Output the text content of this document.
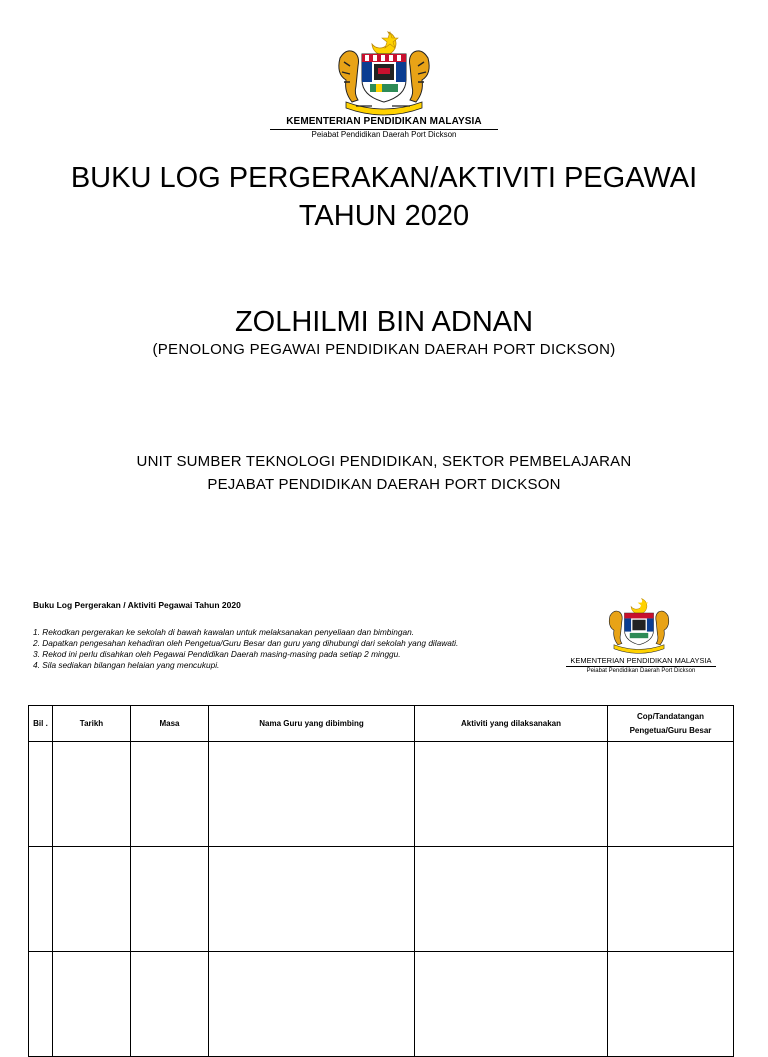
KEMENTERIAN PENDIDIKAN MALAYSIA
Peiabat Pendidikan Daerah Port Dickson
BUKU LOG PERGERAKAN/AKTIVITI PEGAWAI
TAHUN 2020
ZOLHILMI BIN ADNAN
(PENOLONG PEGAWAI PENDIDIKAN DAERAH PORT DICKSON)
UNIT SUMBER TEKNOLOGI PENDIDIKAN, SEKTOR PEMBELAJARAN
PEJABAT PENDIDIKAN DAERAH PORT DICKSON
Buku Log Pergerakan / Aktiviti Pegawai Tahun 2020
1. Rekodkan pergerakan ke sekolah di bawah kawalan untuk melaksanakan penyeliaan dan bimbingan.
2. Dapatkan pengesahan kehadiran oleh Pengetua/Guru Besar dan guru yang dihubungi dari sekolah yang dilawati.
3. Rekod ini perlu disahkan oleh Pegawai Pendidikan Daerah masing-masing pada setiap 2 minggu.
4. Sila sediakan bilangan helaian yang mencukupi.	KEMENTERIAN PENDIDIKAN MALAYSIA
Peiabat Pendidikan Daerah Port Dickson
Bil .	Tarikh	Masa	Nama Guru yang dibimbing	Aktiviti yang dilaksanakan	Cop/Tandatangan Pengetua/Guru Besar
